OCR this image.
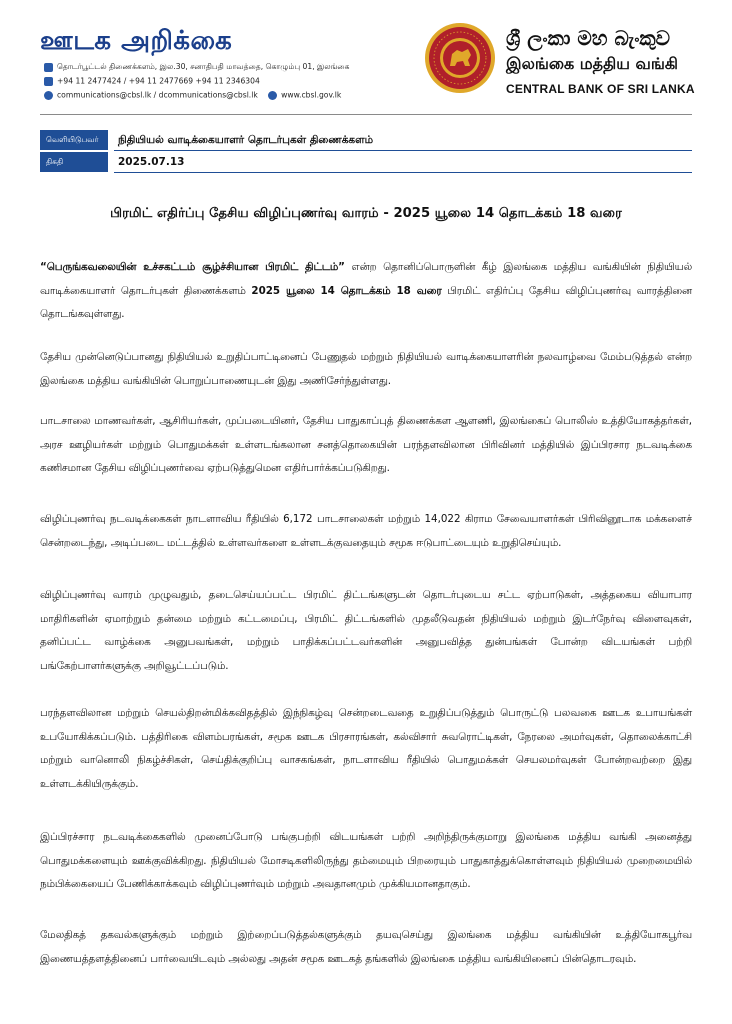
ஊடக அறிக்கை
தொடர்பூட்டல் திணைக்களம், இல.30, சனாதிபதி மாவத்தை, கொழும்பு 01, இலங்கை
+94 11 2477424 / +94 11 2477669 +94 11 2346304
communications@cbsl.lk / dcommunications@cbsl.lk	www.cbsl.gov.lk
ශ්‍රී ලංකා මහ බැංකුව
இலங்கை மத்திய வங்கி
CENTRAL BANK OF SRI LANKA
வெளியிடுபவர்	நிதியியல் வாடிக்கையாளர் தொடர்புகள் திணைக்களம்
திகதி	2025.07.13
பிரமிட் எதிர்ப்பு தேசிய விழிப்புணர்வு வாரம் - 2025 யூலை 14 தொடக்கம் 18 வரை
“பெருங்கவலையின் உச்சகட்டம் சூழ்ச்சியான பிரமிட் திட்டம்” என்ற தொனிப்பொருளின் கீழ் இலங்கை மத்திய வங்கியின் நிதியியல் வாடிக்கையாளர் தொடர்புகள் திணைக்களம் 2025 யூலை 14 தொடக்கம் 18 வரை பிரமிட் எதிர்ப்பு தேசிய விழிப்புணர்வு வாரத்தினை தொடங்கவுள்ளது.
தேசிய முன்னெடுப்பானது நிதியியல் உறுதிப்பாட்டினைப் பேணுதல் மற்றும் நிதியியல் வாடிக்கையாளரின் நலவாழ்வை மேம்படுத்தல் என்ற இலங்கை மத்திய வங்கியின் பொறுப்பாணையுடன் இது அணிசேர்ந்துள்ளது.
பாடசாலை மாணவர்கள், ஆசிரியர்கள், முப்படையினர், தேசிய பாதுகாப்புத் திணைக்கள ஆளணி, இலங்கைப் பொலிஸ் உத்தியோகத்தர்கள், அரச ஊழியர்கள் மற்றும் பொதுமக்கள் உள்ளடங்கலான சனத்தொகையின் பரந்தளவிலான பிரிவினர் மத்தியில் இப்பிரசார நடவடிக்கை கணிசமான தேசிய விழிப்புணர்வை ஏற்படுத்துமென எதிர்பார்க்கப்படுகிறது.
விழிப்புணர்வு நடவடிக்கைகள் நாடளாவிய ரீதியில் 6,172 பாடசாலைகள் மற்றும் 14,022 கிராம சேவையாளர்கள் பிரிவினூடாக மக்களைச் சென்றடைந்து, அடிப்படை மட்டத்தில் உள்ளவர்களை உள்ளடக்குவதையும் சமூக ஈடுபாட்டையும் உறுதிசெய்யும்.
விழிப்புணர்வு வாரம் முழுவதும், தடைசெய்யப்பட்ட பிரமிட் திட்டங்களுடன் தொடர்புடைய சட்ட ஏற்பாடுகள், அத்தகைய வியாபார மாதிரிகளின் ஏமாற்றும் தன்மை மற்றும் கட்டமைப்பு, பிரமிட் திட்டங்களில் முதலீடுவதன் நிதியியல் மற்றும் இடர்நேர்வு விளைவுகள், தனிப்பட்ட வாழ்க்கை அனுபவங்கள், மற்றும் பாதிக்கப்பட்டவர்களின் அனுபவித்த துன்பங்கள் போன்ற விடயங்கள் பற்றி பங்கேற்பாளர்களுக்கு அறிவூட்டப்படும்.
பரந்தளவிலான மற்றும் செயல்திறன்மிக்கவிதத்தில் இந்நிகழ்வு சென்றடைவதை உறுதிப்படுத்தும் பொருட்டு பலவகை ஊடக உபாயங்கள் உபயோகிக்கப்படும். பத்திரிகை விளம்பரங்கள், சமூக ஊடக பிரசாரங்கள், கல்விசார் சுவரொட்டிகள், நேரலை அமர்வுகள், தொலைக்காட்சி மற்றும் வானொலி நிகழ்ச்சிகள், செய்திக்குறிப்பு வாசகங்கள், நாடளாவிய ரீதியில் பொதுமக்கள் செயலமர்வுகள் போன்றவற்றை இது உள்ளடக்கியிருக்கும்.
இப்பிரச்சார நடவடிக்கைகளில் முனைப்போடு பங்குபற்றி விடயங்கள் பற்றி அறிந்திருக்குமாறு இலங்கை மத்திய வங்கி அனைத்து பொதுமக்களையும் ஊக்குவிக்கிறது. நிதியியல் மோசடிகளிலிருந்து தம்மையும் பிறரையும் பாதுகாத்துக்கொள்ளவும் நிதியியல் முறைமையில் நம்பிக்கையைப் பேணிக்காக்கவும் விழிப்புணர்வும் மற்றும் அவதானமும் முக்கியமானதாகும்.
மேலதிகத் தகவல்களுக்கும் மற்றும் இற்றைப்படுத்தல்களுக்கும் தயவுசெய்து இலங்கை மத்திய வங்கியின் உத்தியோகபூர்வ இணையத்தளத்தினைப் பார்வையிடவும் அல்லது அதன் சமூக ஊடகத் தங்களில் இலங்கை மத்திய வங்கியினைப் பின்தொடரவும்.
